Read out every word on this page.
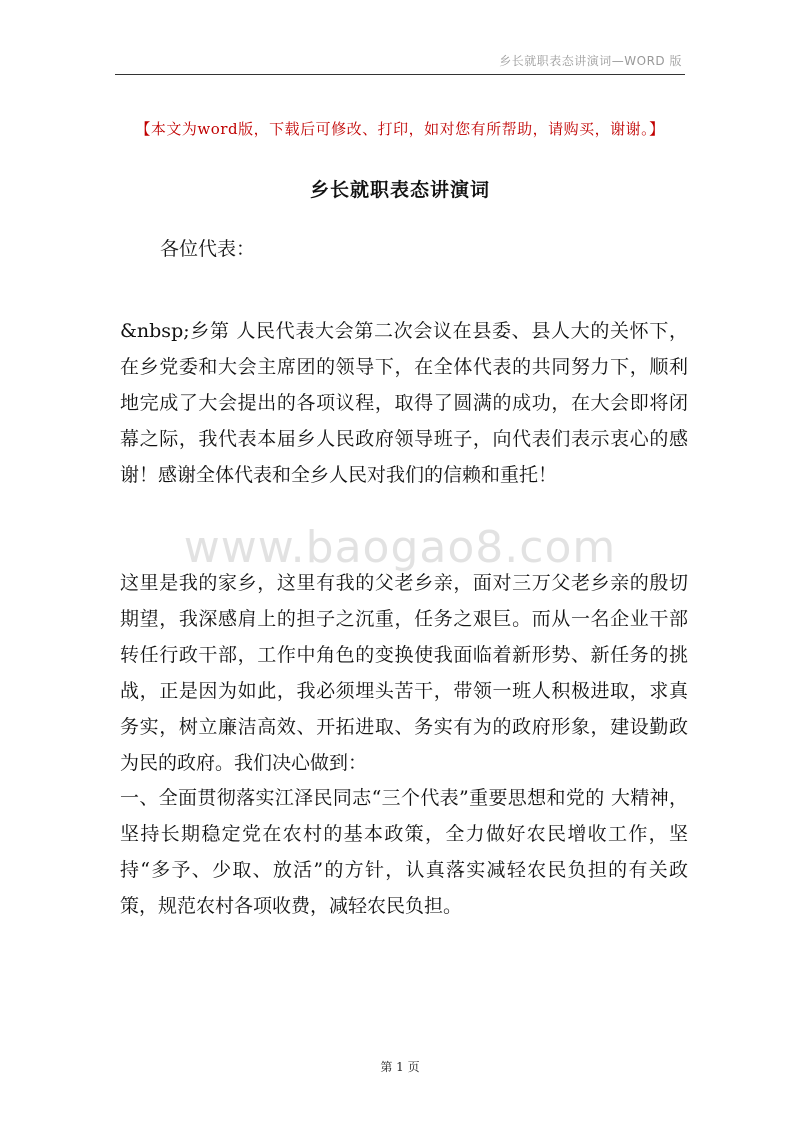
乡长就职表态讲演词—WORD 版
【本文为word版，下载后可修改、打印，如对您有所帮助，请购买，谢谢。】
乡长就职表态讲演词
各位代表：
www.baogao8.com
&nbsp;乡第 人民代表大会第二次会议在县委、县人大的关怀下，在乡党委和大会主席团的领导下，在全体代表的共同努力下，顺利地完成了大会提出的各项议程，取得了圆满的成功，在大会即将闭幕之际，我代表本届乡人民政府领导班子，向代表们表示衷心的感谢！感谢全体代表和全乡人民对我们的信赖和重托！
这里是我的家乡，这里有我的父老乡亲，面对三万父老乡亲的殷切期望，我深感肩上的担子之沉重，任务之艰巨。而从一名企业干部转任行政干部，工作中角色的变换使我面临着新形势、新任务的挑战，正是因为如此，我必须埋头苦干，带领一班人积极进取，求真务实，树立廉洁高效、开拓进取、务实有为的政府形象，建设勤政为民的政府。我们决心做到：
一、全面贯彻落实江泽民同志“三个代表”重要思想和党的 大精神，坚持长期稳定党在农村的基本政策，全力做好农民增收工作，坚持“多予、少取、放活”的方针，认真落实减轻农民负担的有关政策，规范农村各项收费，减轻农民负担。
第 1 页
